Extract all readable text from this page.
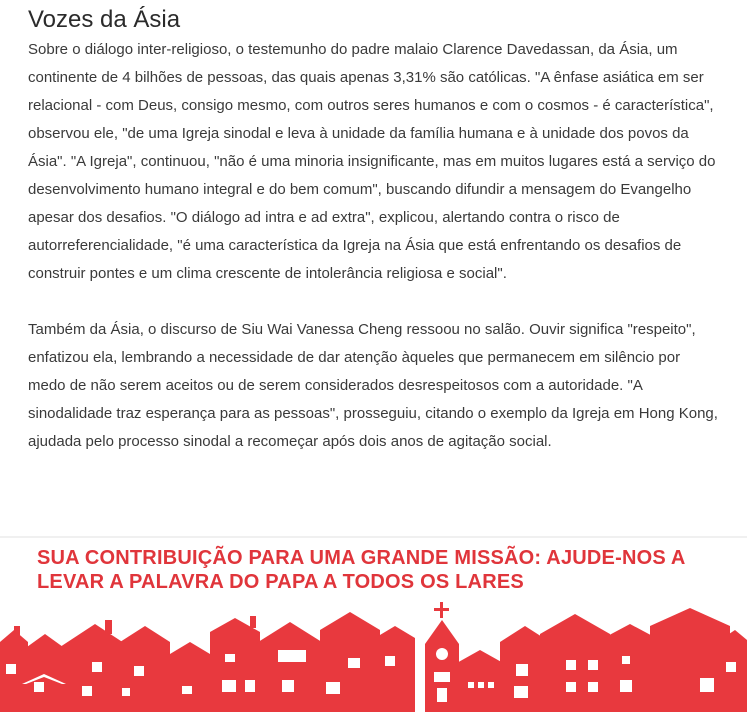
Vozes da Ásia

Sobre o diálogo inter-religioso, o testemunho do padre malaio Clarence Davedassan, da Ásia, um continente de 4 bilhões de pessoas, das quais apenas 3,31% são católicas. "A ênfase asiática em ser relacional - com Deus, consigo mesmo, com outros seres humanos e com o cosmos - é característica", observou ele, "de uma Igreja sinodal e leva à unidade da família humana e à unidade dos povos da Ásia". "A Igreja", continuou, "não é uma minoria insignificante, mas em muitos lugares está a serviço do desenvolvimento humano integral e do bem comum", buscando difundir a mensagem do Evangelho apesar dos desafios. "O diálogo ad intra e ad extra", explicou, alertando contra o risco de autorreferencialidade, "é uma característica da Igreja na Ásia que está enfrentando os desafios de construir pontes e um clima crescente de intolerância religiosa e social".

Também da Ásia, o discurso de Siu Wai Vanessa Cheng ressoou no salão. Ouvir significa "respeito", enfatizou ela, lembrando a necessidade de dar atenção àqueles que permanecem em silêncio por medo de não serem aceitos ou de serem considerados desrespeitosos com a autoridade. "A sinodalidade traz esperança para as pessoas", prosseguiu, citando o exemplo da Igreja em Hong Kong, ajudada pelo processo sinodal a recomeçar após dois anos de agitação social.

SUA CONTRIBUIÇÃO PARA UMA GRANDE MISSÃO: AJUDE-NOS A
LEVAR A PALAVRA DO PAPA A TODOS OS LARES
